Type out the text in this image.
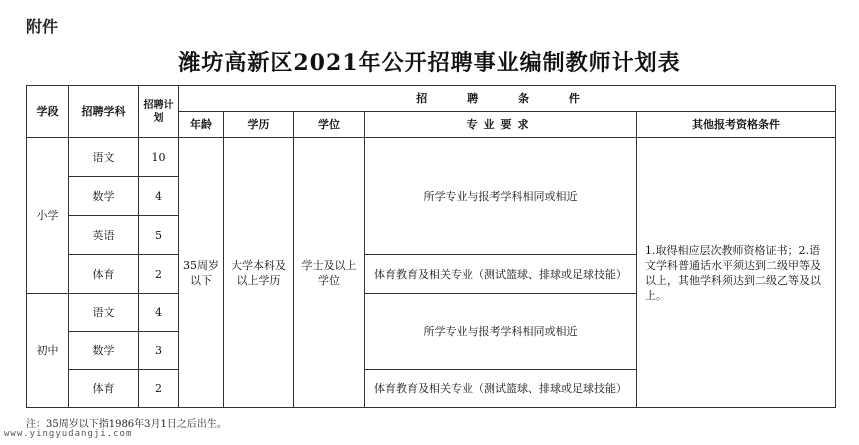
附件
潍坊高新区2021年公开招聘事业编制教师计划表
学段	招聘学科	招聘计划	招 聘 条 件				
			年龄	学历	学位	专业要求	其他报考资格条件
小学	语文	10	35周岁以下	大学本科及以上学历	学士及以上学位	所学专业与报考学科相同或相近	1.取得相应层次教师资格证书；2.语文学科普通话水平须达到二级甲等及以上，其他学科须达到二级乙等及以上。
	数学	4					
	英语	5					
	体育	2				体育教育及相关专业（测试篮球、排球或足球技能）	
初中	语文	4				所学专业与报考学科相同或相近	
	数学	3					
	体育	2				体育教育及相关专业（测试篮球、排球或足球技能）	
注：35周岁以下指1986年3月1日之后出生。
www.yingyudangji.com
